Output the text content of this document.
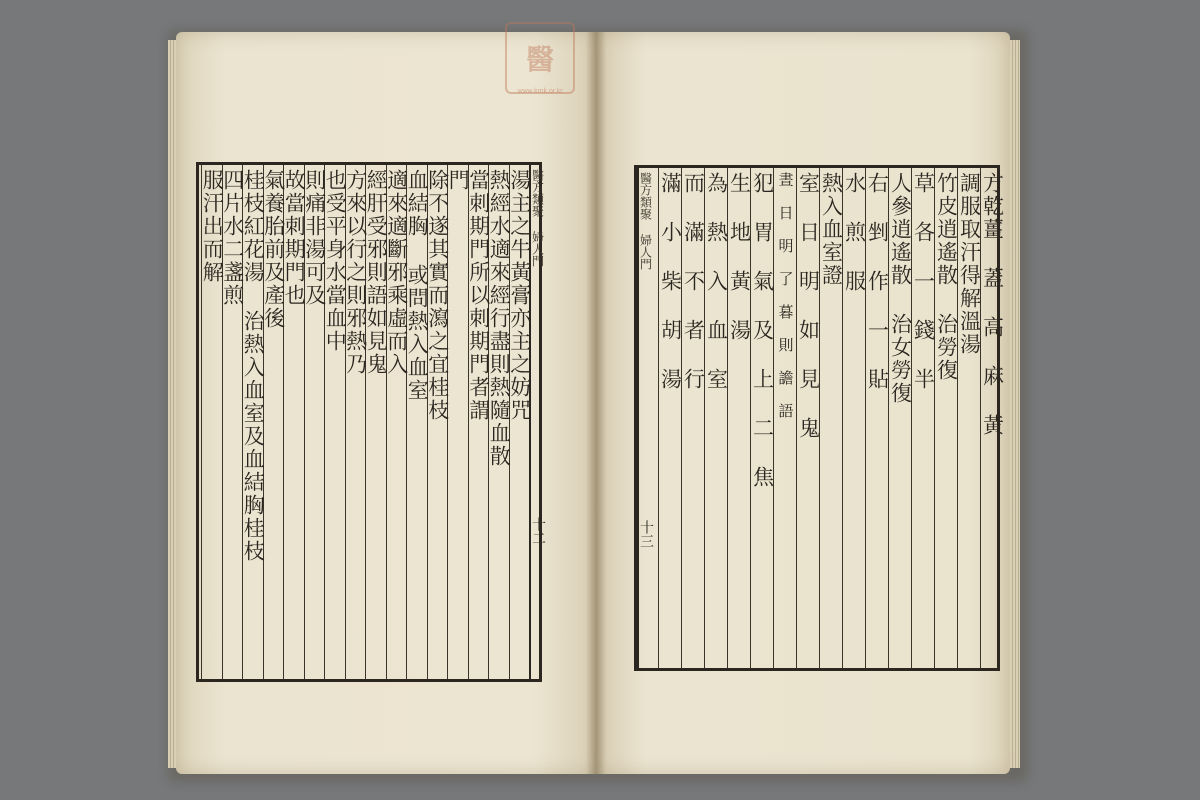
醫
www.kmk.or.kr
醫方類聚 婦人門
十二
湯主之牛黃膏亦主之妨咒
熱經水適來經行盡則熱隨血散
當刺期門所以刺期門者謂
門
除不遂其實而瀉之宜桂枝
血結胸 或問熱入血室
適來適斷邪乘虛而入
經肝受邪則語如見鬼
方來以行之則邪熱乃
也受平身水當血中
則痛非湯可及
故當刺期門也
氣養胎前及產後
桂枝紅花湯 治熱入血室及血結胸桂枝
四片水二盞煎
服汗出而解	醫方類聚 婦人門
十三
方乾薑 蓋 高 麻 黃
調服取汗得解溫湯
竹皮逍遙散 治勞復
草 各 一 錢 半
人參逍遙散 治女勞復
右 剉 作 一 貼
水 煎 服
熱入血室證
室 日 明 如 見 鬼
晝 日 明 了 暮 則 譫 語
犯 胃 氣 及 上 二 焦
生 地 黃 湯
為 熱 入 血 室
而 滿 不 者 行
滿 小 柴 胡 湯
